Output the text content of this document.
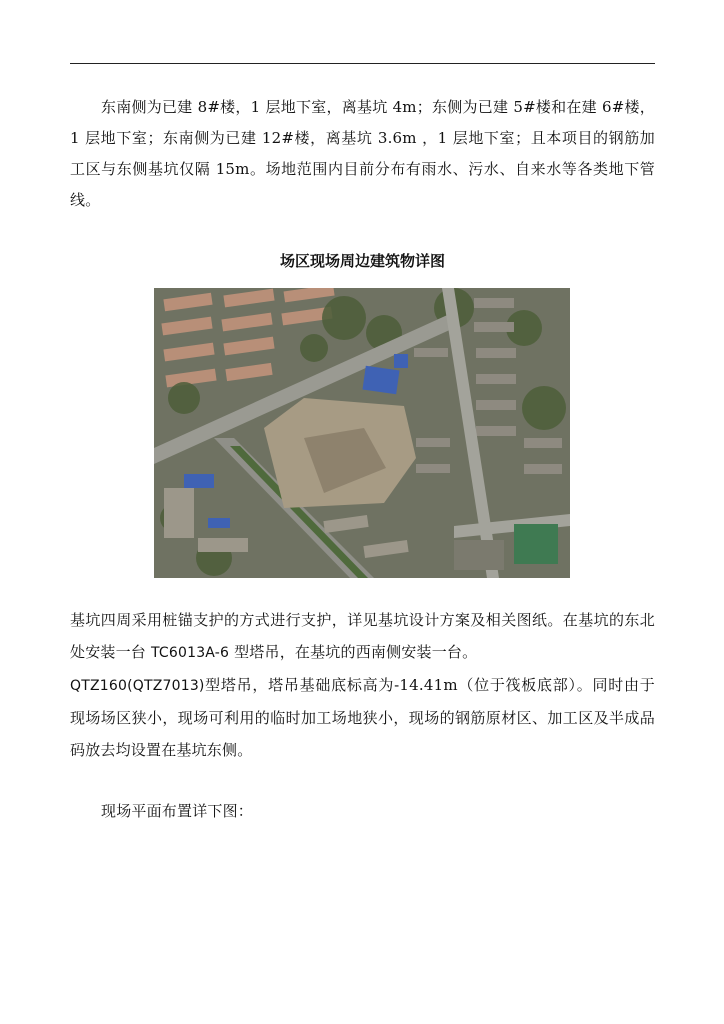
东南侧为已建 8#楼，1 层地下室，离基坑 4m；东侧为已建 5#楼和在建 6#楼，1 层地下室；东南侧为已建 12#楼，离基坑 3.6m ，1 层地下室；且本项目的钢筋加工区与东侧基坑仅隔 15m。场地范围内目前分布有雨水、污水、自来水等各类地下管线。

场区现场周边建筑物详图

基坑四周采用桩锚支护的方式进行支护，详见基坑设计方案及相关图纸。在基坑的东北处安装一台 TC6013A-6 型塔吊，在基坑的西南侧安装一台。
QTZ160(QTZ7013)型塔吊，塔吊基础底标高为-14.41m（位于筏板底部）。同时由于现场场区狭小，现场可利用的临时加工场地狭小，现场的钢筋原材区、加工区及半成品码放去均设置在基坑东侧。

现场平面布置详下图：
